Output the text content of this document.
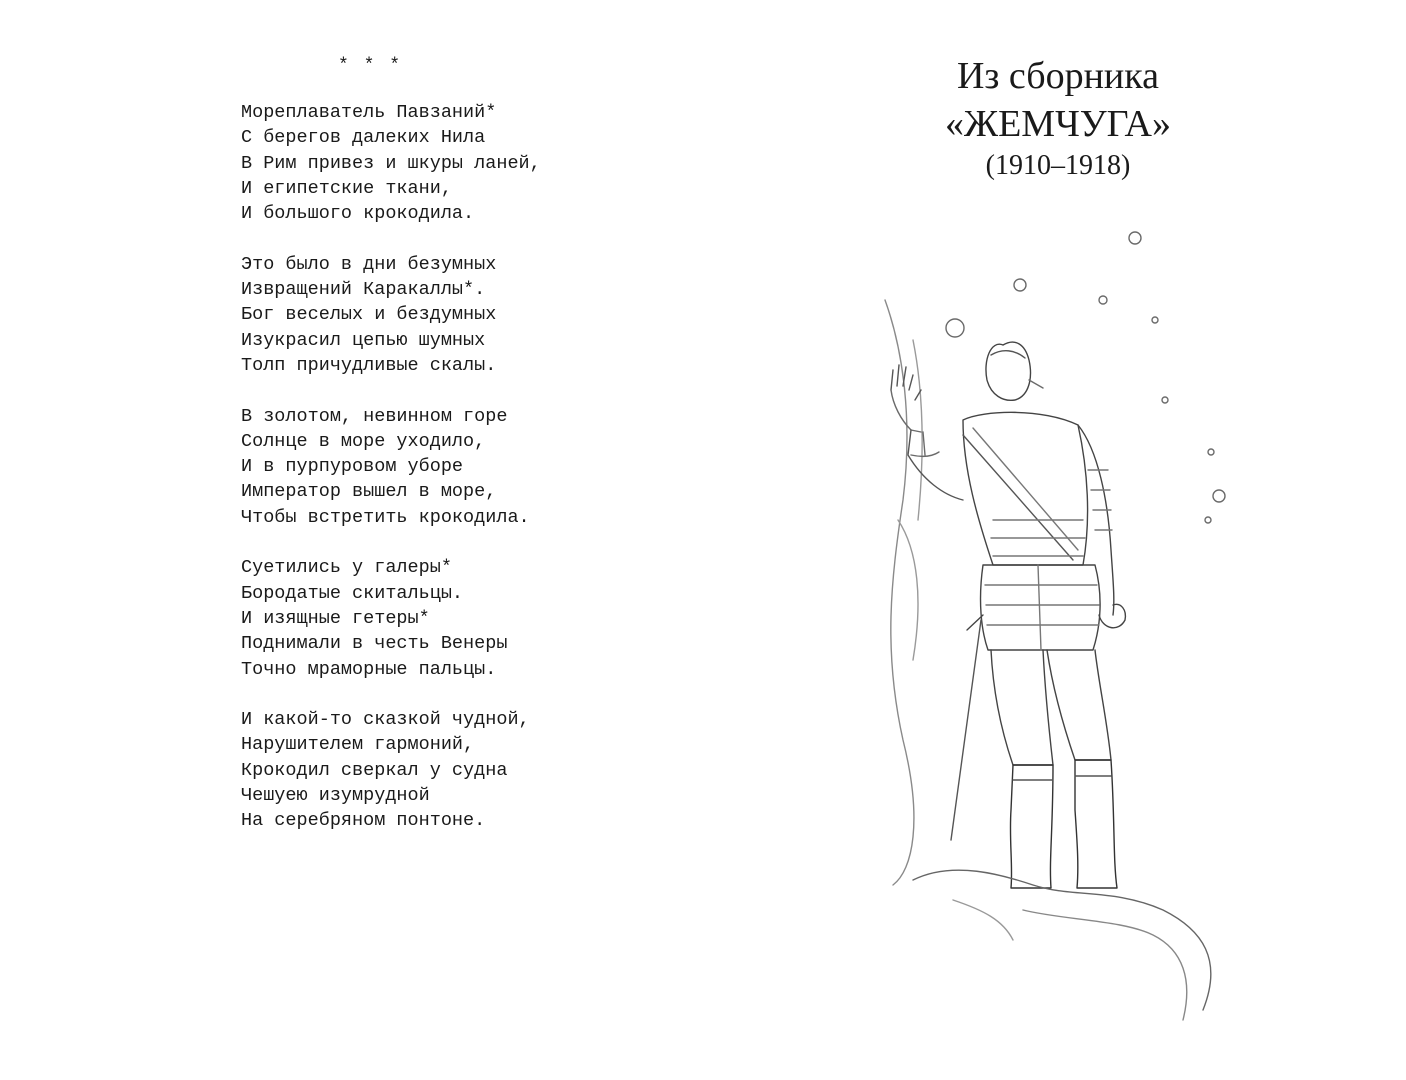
* * *
Мореплаватель Павзаний*
С берегов далеких Нила
В Рим привез и шкуры ланей,
И египетские ткани,
И большого крокодила.
Это было в дни безумных
Извращений Каракаллы*.
Бог веселых и бездумных
Изукрасил цепью шумных
Толп причудливые скалы.
В золотом, невинном горе
Солнце в море уходило,
И в пурпуровом уборе
Император вышел в море,
Чтобы встретить крокодила.
Суетились у галеры*
Бородатые скитальцы.
И изящные гетеры*
Поднимали в честь Венеры
Точно мраморные пальцы.
И какой-то сказкой чудной,
Нарушителем гармоний,
Крокодил сверкал у судна
Чешуею изумрудной
На серебряном понтоне.
Из сборника
«ЖЕМЧУГА»
(1910–1918)
